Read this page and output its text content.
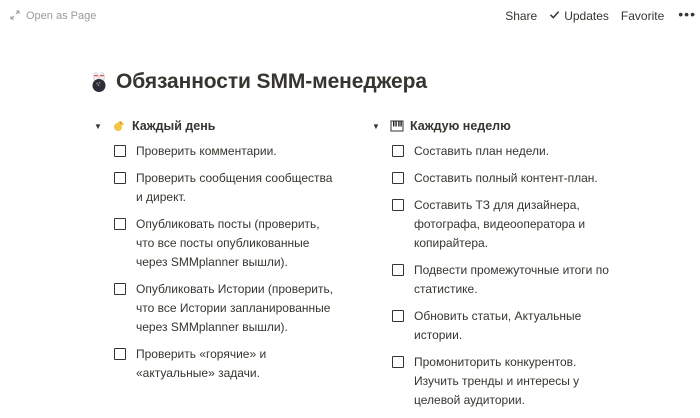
Open as Page	Share Updates Favorite •••
Обязанности SMM-менеджера
▼	Каждый день
Проверить комментарии.
Проверить сообщения сообщества
и директ.
Опубликовать посты (проверить,
что все посты опубликованные
через SMMplanner вышли).
Опубликовать Истории (проверить,
что все Истории запланированные
через SMMplanner вышли).
Проверить «горячие» и
«актуальные» задачи.
▼	Каждую неделю
Составить план недели.
Составить полный контент-план.
Составить ТЗ для дизайнера,
фотографа, видеооператора и
копирайтера.
Подвести промежуточные итоги по
статистике.
Обновить статьи, Актуальные
истории.
Промониторить конкурентов.
Изучить тренды и интересы у
целевой аудитории.
